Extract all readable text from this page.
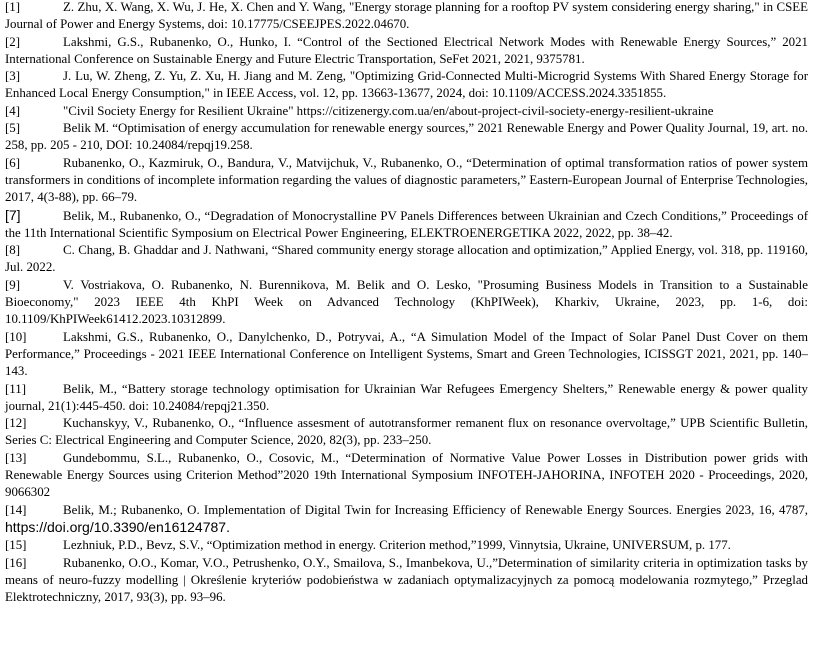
[1]	Z. Zhu, X. Wang, X. Wu, J. He, X. Chen and Y. Wang, "Energy storage planning for a rooftop PV system considering energy sharing," in CSEE Journal of Power and Energy Systems, doi: 10.17775/CSEEJPES.2022.04670.

[2]	Lakshmi, G.S., Rubanenko, O., Hunko, I. “Control of the Sectioned Electrical Network Modes with Renewable Energy Sources,” 2021 International Conference on Sustainable Energy and Future Electric Transportation, SeFet 2021, 2021, 9375781.

[3]	J. Lu, W. Zheng, Z. Yu, Z. Xu, H. Jiang and M. Zeng, "Optimizing Grid-Connected Multi-Microgrid Systems With Shared Energy Storage for Enhanced Local Energy Consumption," in IEEE Access, vol. 12, pp. 13663-13677, 2024, doi: 10.1109/ACCESS.2024.3351855.

[4]	"Civil Society Energy for Resilient Ukraine" https://citizenergy.com.ua/en/about-project-civil-society-energy-resilient-ukraine

[5]	Belik M. “Optimisation of energy accumulation for renewable energy sources,” 2021 Renewable Energy and Power Quality Journal, 19, art. no. 258, pp. 205 - 210, DOI: 10.24084/repqj19.258.

[6]	Rubanenko, O., Kazmiruk, O., Bandura, V., Matvijchuk, V., Rubanenko, O., “Determination of optimal transformation ratios of power system transformers in conditions of incomplete information regarding the values of diagnostic parameters,” Eastern-European Journal of Enterprise Technologies, 2017, 4(3-88), pp. 66–79.

[7]	Belik, M., Rubanenko, O., “Degradation of Monocrystalline PV Panels Differences between Ukrainian and Czech Conditions,” Proceedings of the 11th International Scientific Symposium on Electrical Power Engineering, ELEKTROENERGETIKA 2022, 2022, pp. 38–42.

[8]	C. Chang, B. Ghaddar and J. Nathwani, “Shared community energy storage allocation and optimization,” Applied Energy, vol. 318, pp. 119160, Jul. 2022.

[9]	V. Vostriakova, O. Rubanenko, N. Burennikova, M. Belik and O. Lesko, "Prosuming Business Models in Transition to a Sustainable Bioeconomy," 2023 IEEE 4th KhPI Week on Advanced Technology (KhPIWeek), Kharkiv, Ukraine, 2023, pp. 1-6, doi: 10.1109/KhPIWeek61412.2023.10312899.

[10]	Lakshmi, G.S., Rubanenko, O., Danylchenko, D., Potryvai, A., “A Simulation Model of the Impact of Solar Panel Dust Cover on them Performance,” Proceedings - 2021 IEEE International Conference on Intelligent Systems, Smart and Green Technologies, ICISSGT 2021, 2021, pp. 140–143.

[11]	Belik, M., “Battery storage technology optimisation for Ukrainian War Refugees Emergency Shelters,” Renewable energy & power quality journal, 21(1):445-450. doi: 10.24084/repqj21.350.

[12]	Kuchanskyy, V., Rubanenko, O., “Influence assesment of autotransformer remanent flux on resonance overvoltage,” UPB Scientific Bulletin, Series C: Electrical Engineering and Computer Science, 2020, 82(3), pp. 233–250.

[13]	Gundebommu, S.L., Rubanenko, O., Cosovic, M., “Determination of Normative Value Power Losses in Distribution power grids with Renewable Energy Sources using Criterion Method”2020 19th International Symposium INFOTEH-JAHORINA, INFOTEH 2020 - Proceedings, 2020, 9066302

[14]	Belik, M.; Rubanenko, O. Implementation of Digital Twin for Increasing Efficiency of Renewable Energy Sources. Energies 2023, 16, 4787, https://doi.org/10.3390/en16124787.

[15]	Lezhniuk, P.D., Bevz, S.V., “Optimization method in energy. Criterion method,”1999, Vinnytsia, Ukraine, UNIVERSUM, p. 177.

[16]	Rubanenko, O.O., Komar, V.O., Petrushenko, O.Y., Smailova, S., Imanbekova, U.,”Determination of similarity criteria in optimization tasks by means of neuro-fuzzy modelling | Określenie kryteriów podobieństwa w zadaniach optymalizacyjnych za pomocą modelowania rozmytego,” Przeglad Elektrotechniczny, 2017, 93(3), pp. 93–96.
